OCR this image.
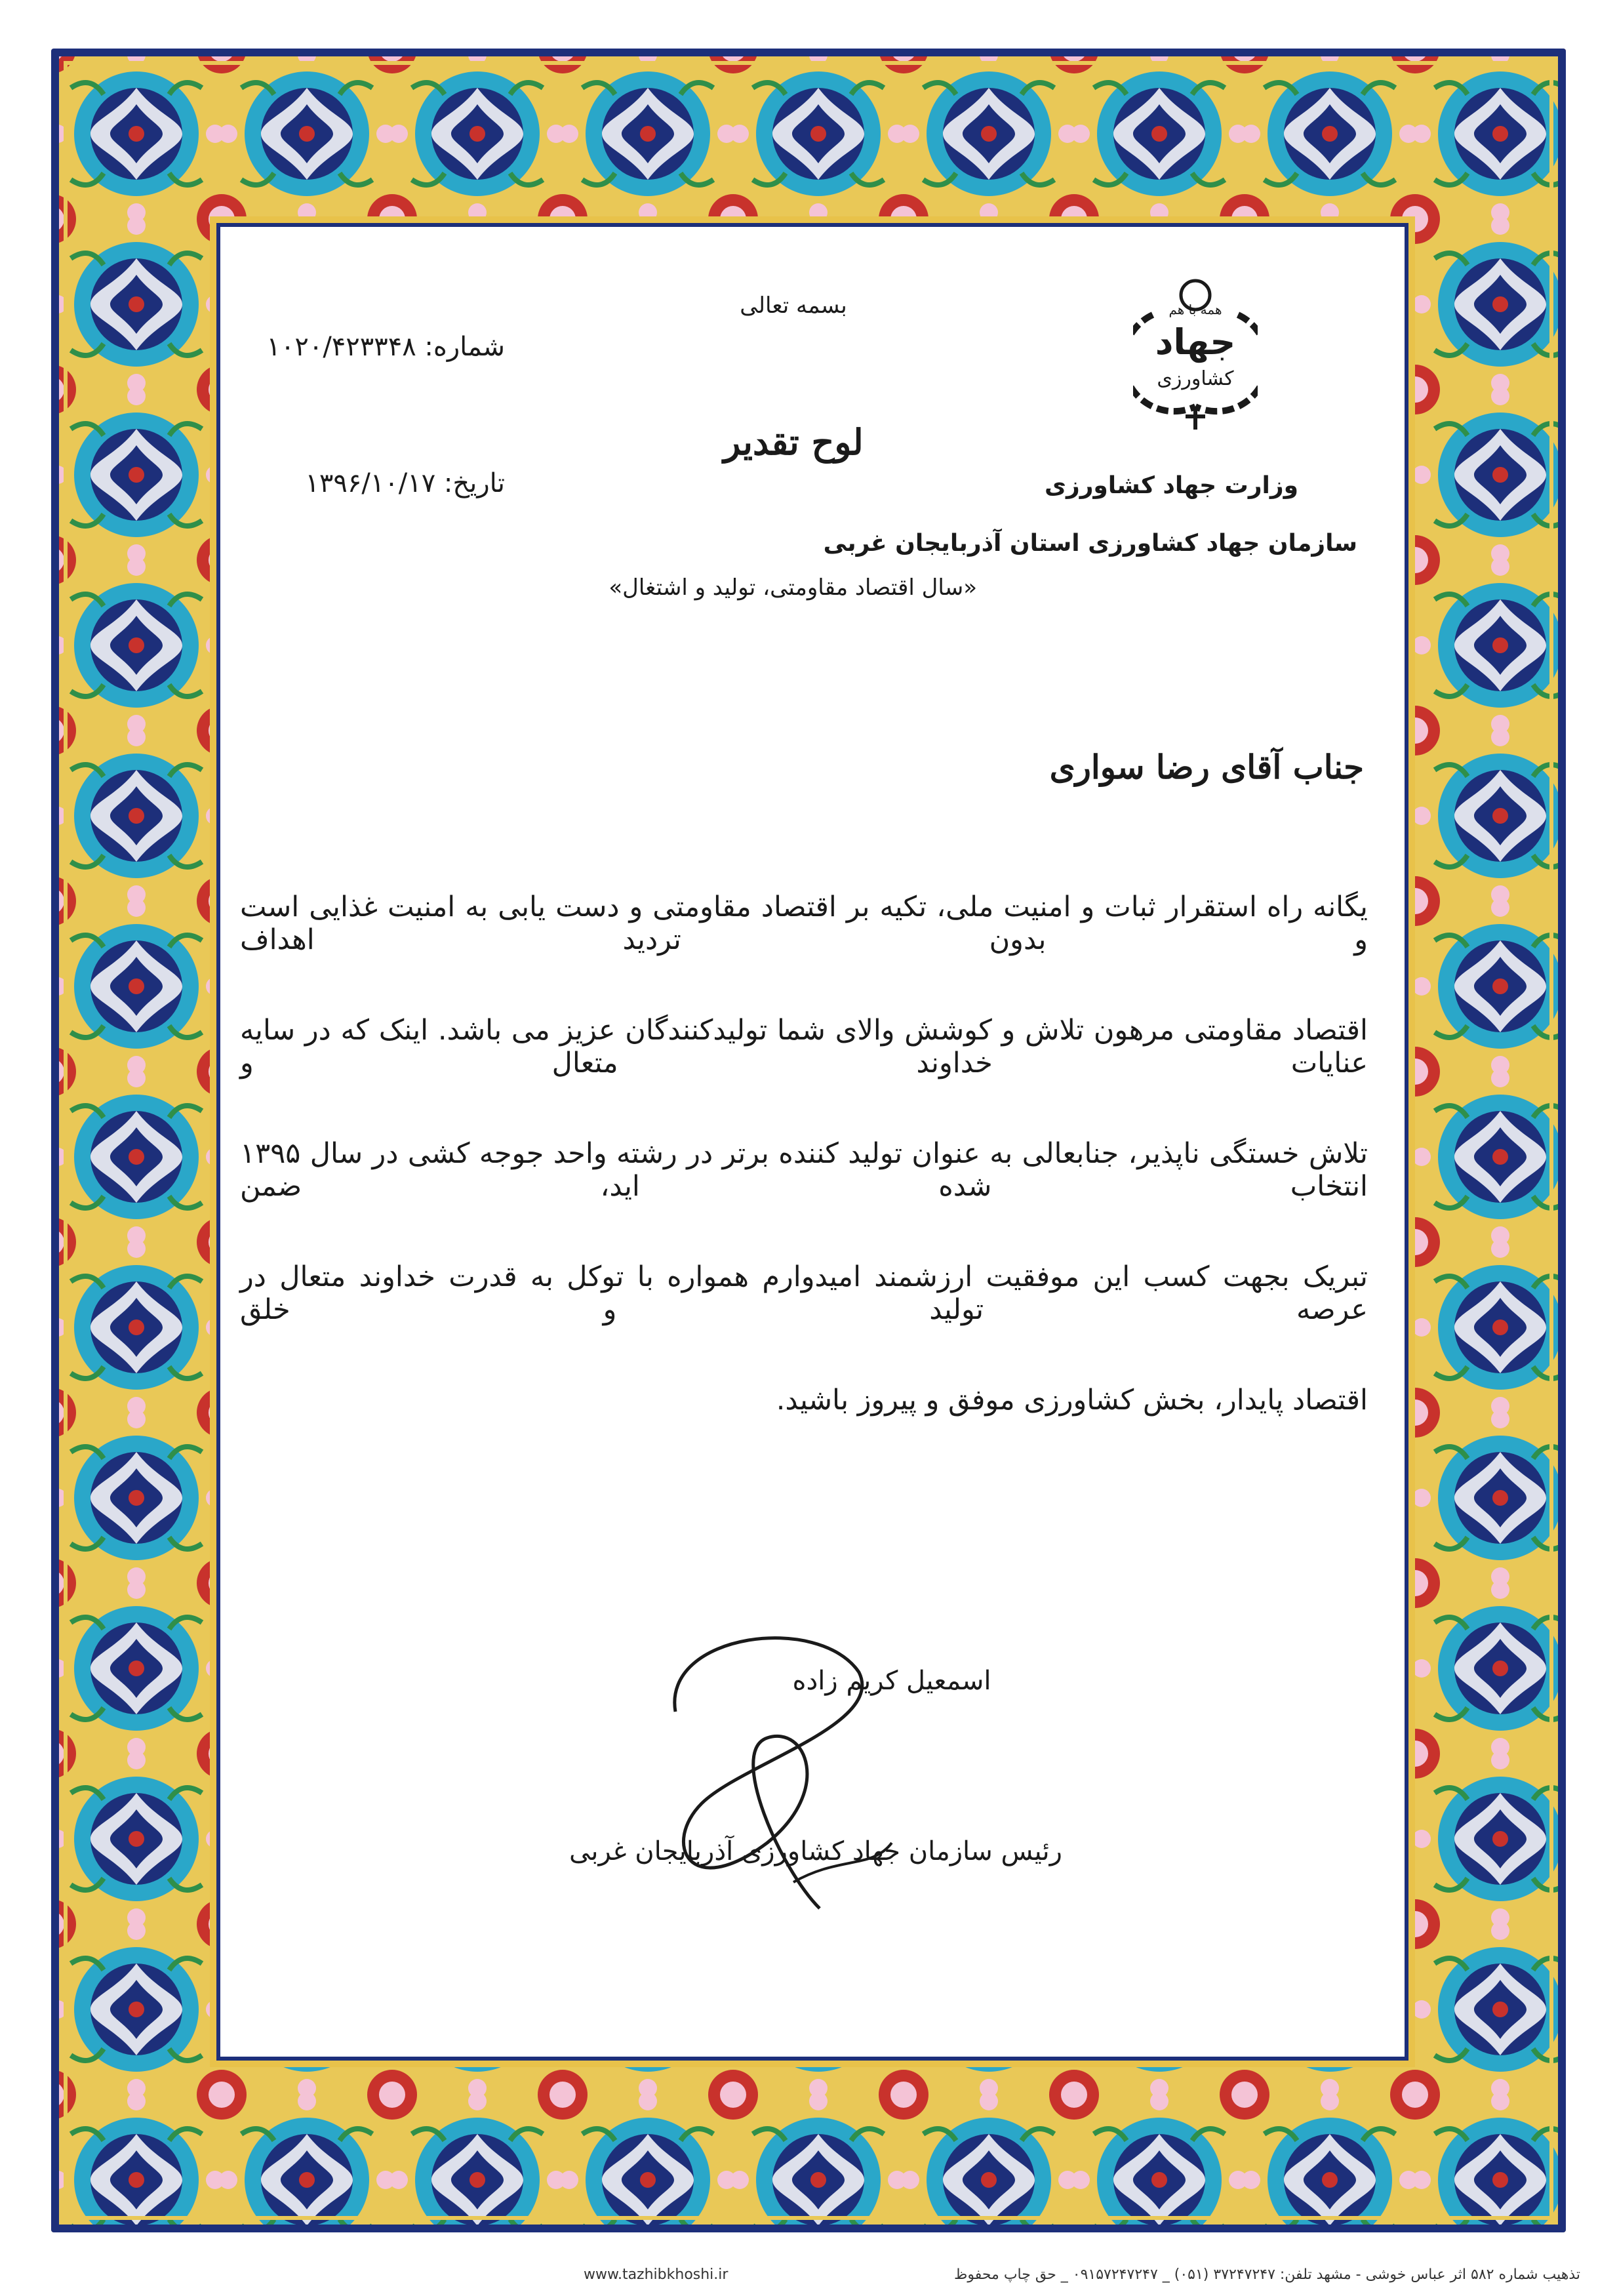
همه با هم
جهاد
کشاورزی
بسمه تعالی
شماره: ۱۰۲۰/۴۲۳۳۴۸
تاریخ: ۱۳۹۶/۱۰/۱۷
لوح تقدیر
«سال اقتصاد مقاومتی، تولید و اشتغال»
وزارت جهاد کشاورزی
سازمان جهاد کشاورزی استان آذربایجان غربی
جناب آقای رضا سواری
یگانه راه استقرار ثبات و امنیت ملی، تکیه بر اقتصاد مقاومتی و دست یابی به امنیت غذایی است و بدون تردید اهداف
اقتصاد مقاومتی مرهون تلاش و کوشش والای شما تولیدکنندگان عزیز می باشد. اینک که در سایه عنایات خداوند متعال و
تلاش خستگی ناپذیر، جنابعالی به عنوان تولید کننده برتر در رشته واحد جوجه کشی در سال ۱۳۹۵ انتخاب شده اید، ضمن
تبریک بجهت کسب این موفقیت ارزشمند امیدوارم همواره با توکل به قدرت خداوند متعال در عرصه تولید و خلق
اقتصاد پایدار، بخش کشاورزی موفق و پیروز باشید.
اسمعیل کریم زاده
رئیس سازمان جهاد کشاورزی آذربایجان غربی
www.tazhibkhoshi.ir	تذهیب شماره ۵۸۲ اثر عباس خوشی - مشهد تلفن: ۳۷۲۴۷۲۴۷ (۰۵۱) _ ۰۹۱۵۷۲۴۷۲۴۷ _ حق چاپ محفوظ
